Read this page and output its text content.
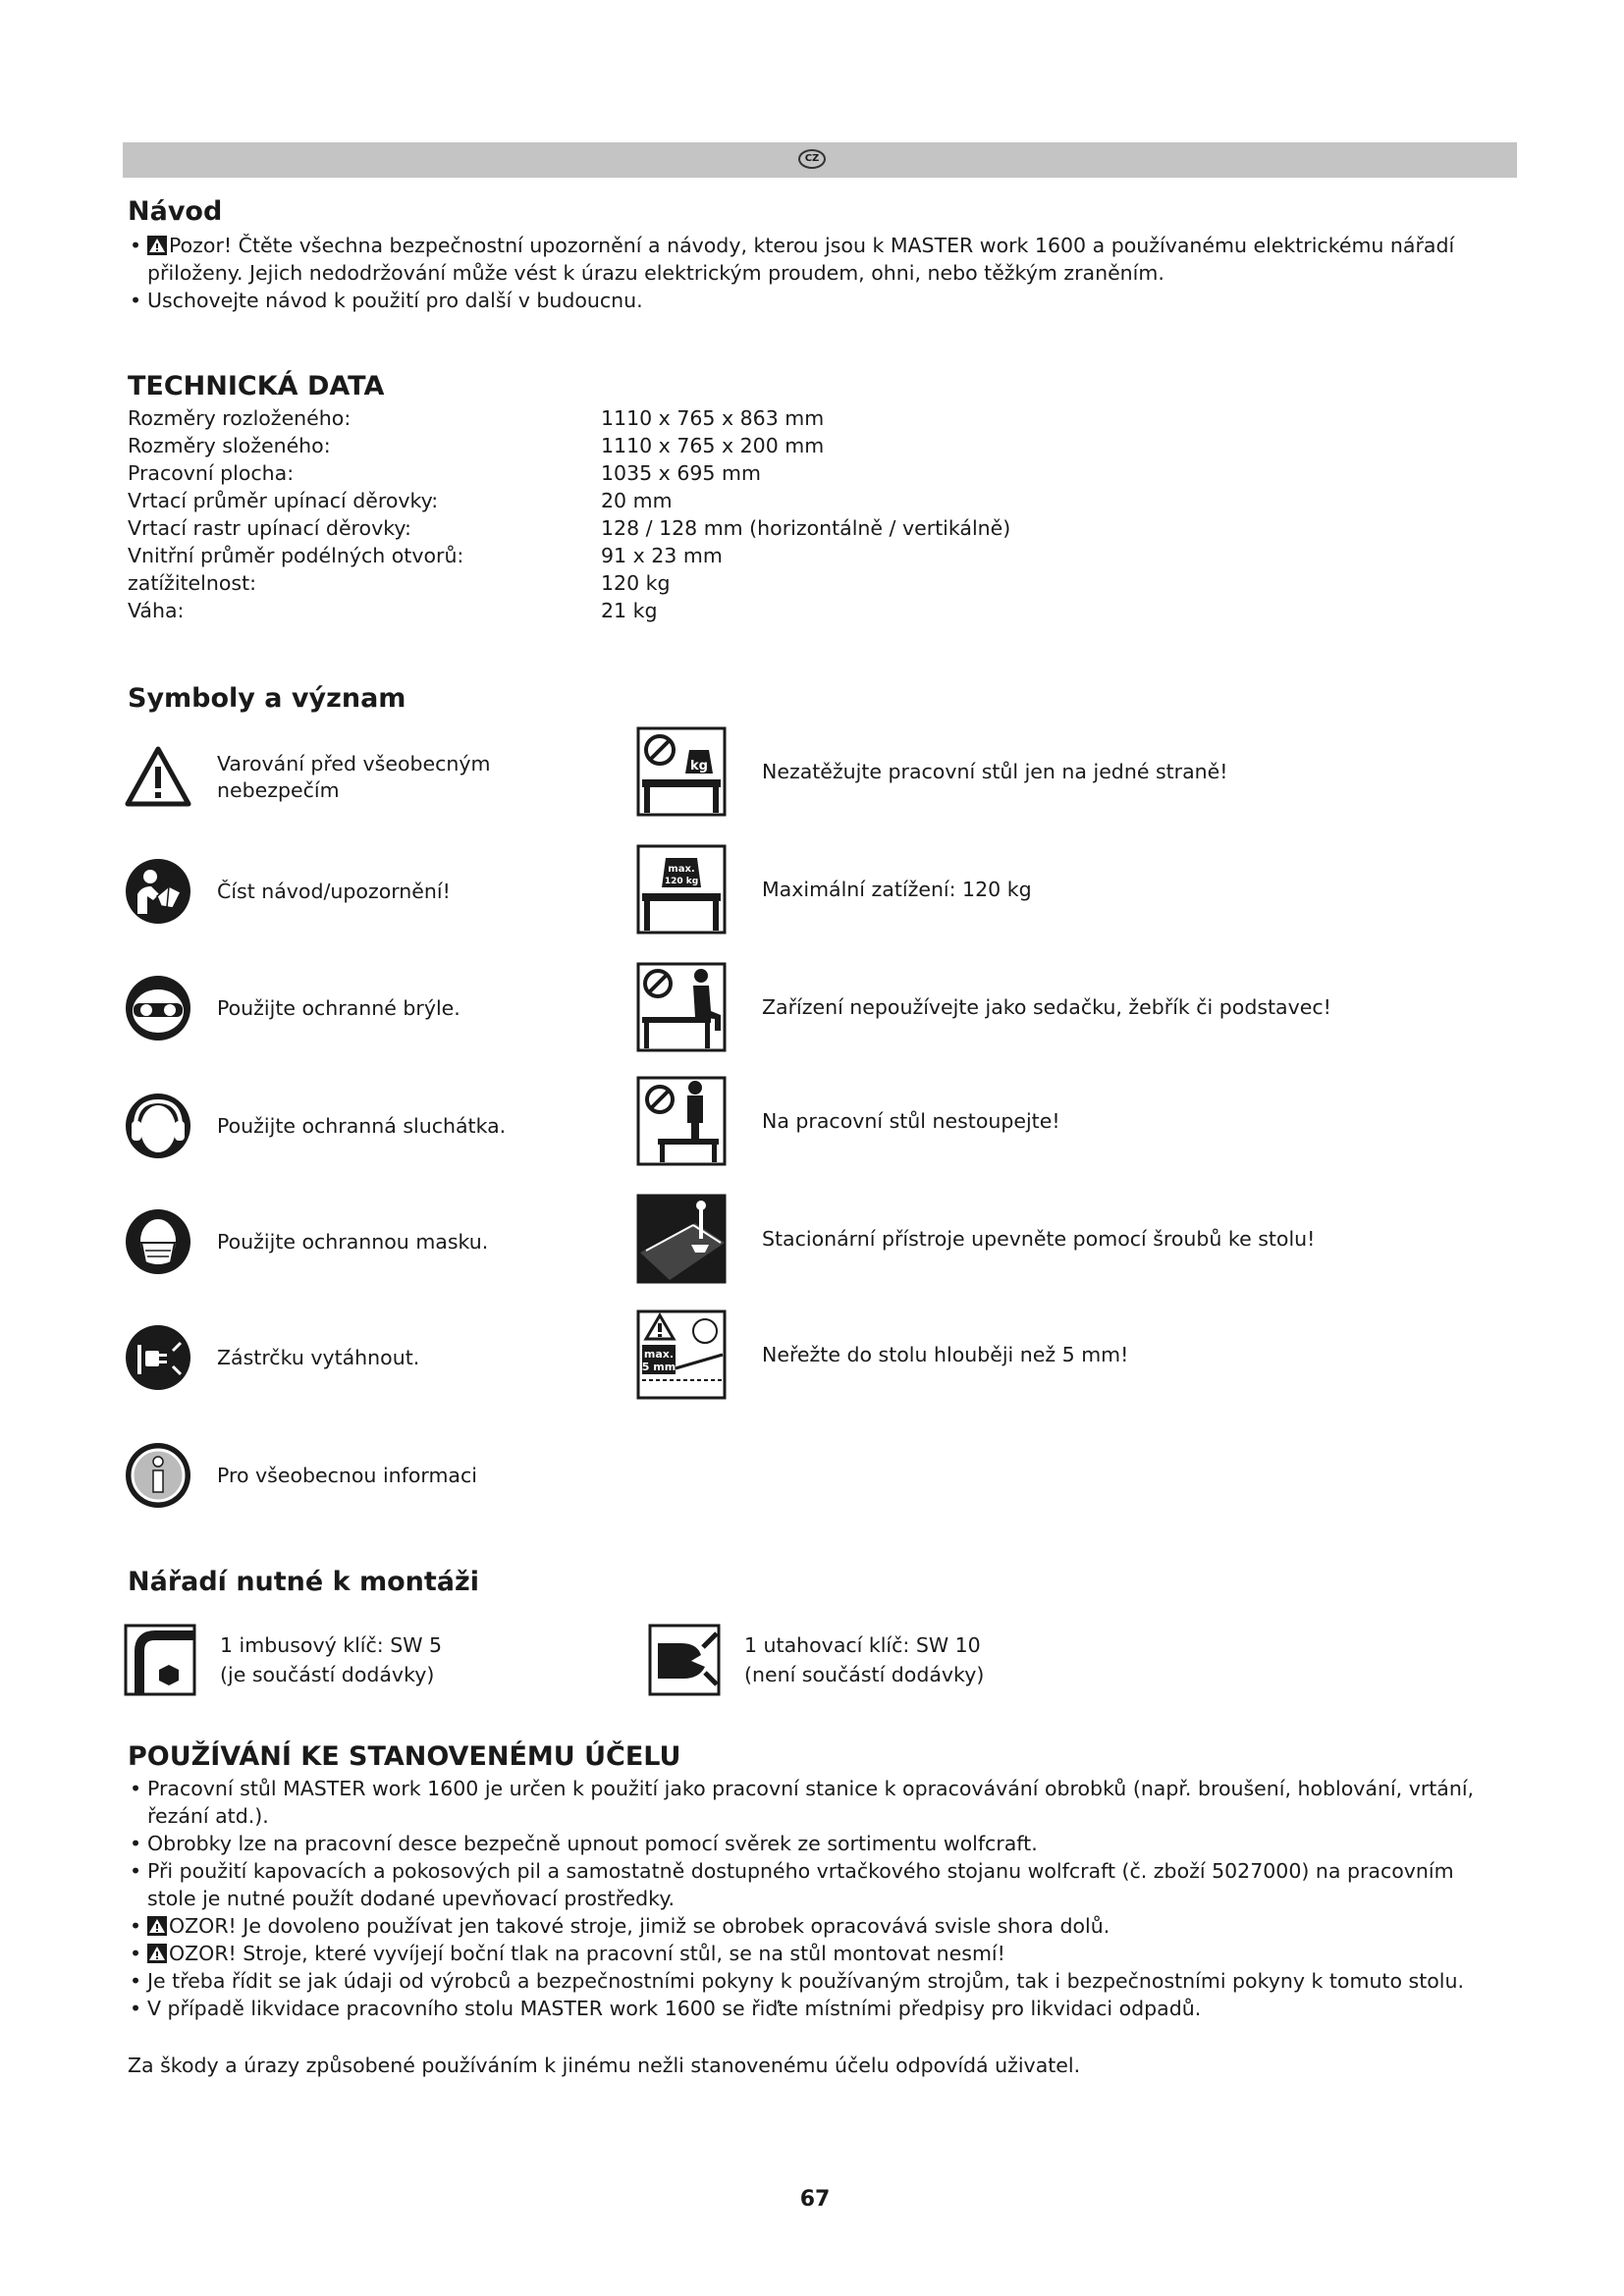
CZ
Návod
• Pozor! Čtěte všechna bezpečnostní upozornění a návody, kterou jsou k MASTER work 1600 a používanému elektrickému nářadí přiloženy. Jejich nedodržování může vést k úrazu elektrickým proudem, ohni, nebo těžkým zraněním.
• Uschovejte návod k použití pro další v budoucnu.
TECHNICKÁ DATA
Rozměry rozloženého:	1110 x 765 x 863 mm
Rozměry složeného:	1110 x 765 x 200 mm
Pracovní plocha:	1035 x 695 mm
Vrtací průměr upínací děrovky:	20 mm
Vrtací rastr upínací děrovky:	128 / 128 mm (horizontálně / vertikálně)
Vnitřní průměr podélných otvorů:	91 x 23 mm
zatížitelnost:	120 kg
Váha:	21 kg
Symboly a význam
Varování před všeobecným
nebezpečím
Číst návod/upozornění!
Použijte ochranné brýle.
Použijte ochranná sluchátka.
Použijte ochrannou masku.
Zástrčku vytáhnout.
Pro všeobecnou informaci
kg	Nezatěžujte pracovní stůl jen na jedné straně!
max.
120 kg	Maximální zatížení: 120 kg
Zařízení nepoužívejte jako sedačku, žebřík či podstavec!
Na pracovní stůl nestoupejte!
Stacionární přístroje upevněte pomocí šroubů ke stolu!
max.
5 mm
Neřežte do stolu hlouběji než 5 mm!
Nářadí nutné k montáži
1 imbusový klíč: SW 5
(je součástí dodávky)
1 utahovací klíč: SW 10
(není součástí dodávky)
POUŽÍVÁNÍ KE STANOVENÉMU ÚČELU
• Pracovní stůl MASTER work 1600 je určen k použití jako pracovní stanice k opracovávání obrobků (např. broušení, hoblování, vrtání, řezání atd.).
• Obrobky lze na pracovní desce bezpečně upnout pomocí svěrek ze sortimentu wolfcraft.
• Při použití kapovacích a pokosových pil a samostatně dostupného vrtačkového stojanu wolfcraft (č. zboží 5027000) na pracovním stole je nutné použít dodané upevňovací prostředky.
• OZOR! Je dovoleno používat jen takové stroje, jimiž se obrobek opracovává svisle shora dolů.
• OZOR! Stroje, které vyvíjejí boční tlak na pracovní stůl, se na stůl montovat nesmí!
• Je třeba řídit se jak údaji od výrobců a bezpečnostními pokyny k používaným strojům, tak i bezpečnostními pokyny k tomuto stolu.
• V případě likvidace pracovního stolu MASTER work 1600 se řiďte místními předpisy pro likvidaci odpadů.
Za škody a úrazy způsobené používáním k jinému nežli stanovenému účelu odpovídá uživatel.
67
